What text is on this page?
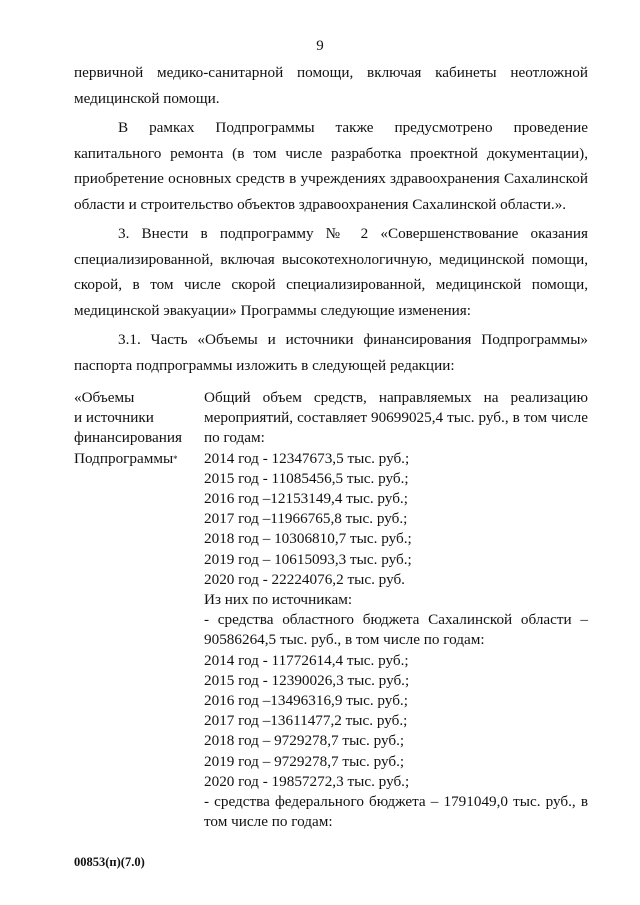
9

первичной медико-санитарной помощи, включая кабинеты неотложной медицинской помощи.

В рамках Подпрограммы также предусмотрено проведение капитального ремонта (в том числе разработка проектной документации), приобретение основных средств в учреждениях здравоохранения Сахалинской области и строительство объектов здравоохранения Сахалинской области.».

3. Внести в подпрограмму № 2 «Совершенствование оказания специализированной, включая высокотехнологичную, медицинской помощи, скорой, в том числе скорой специализированной, медицинской помощи, медицинской эвакуации» Программы следующие изменения:

3.1. Часть «Объемы и источники финансирования Подпрограммы» паспорта подпрограммы изложить в следующей редакции:

«Объемы
и источники
финансирования
Подпрограммы*
Общий объем средств, направляемых на реализацию мероприятий, составляет 90699025,4 тыс. руб., в том числе по годам:
2014 год - 12347673,5 тыс. руб.;
2015 год - 11085456,5 тыс. руб.;
2016 год –12153149,4 тыс. руб.;
2017 год –11966765,8 тыс. руб.;
2018 год – 10306810,7 тыс. руб.;
2019 год – 10615093,3 тыс. руб.;
2020 год - 22224076,2 тыс. руб.
Из них по источникам:
- средства областного бюджета Сахалинской области – 90586264,5 тыс. руб., в том числе по годам:
2014 год - 11772614,4 тыс. руб.;
2015 год - 12390026,3 тыс. руб.;
2016 год –13496316,9 тыс. руб.;
2017 год –13611477,2 тыс. руб.;
2018 год – 9729278,7 тыс. руб.;
2019 год – 9729278,7 тыс. руб.;
2020 год - 19857272,3 тыс. руб.;
- средства федерального бюджета – 1791049,0 тыс. руб., в том числе по годам:
00853(п)(7.0)
